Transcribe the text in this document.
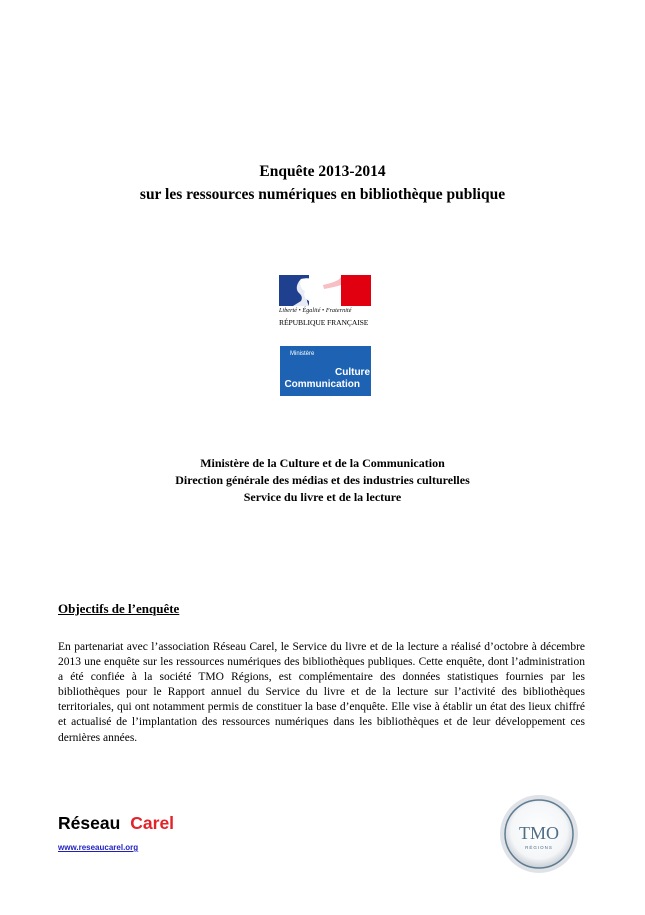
Enquête 2013-2014
sur les ressources numériques en bibliothèque publique
Liberté • Égalité • Fraternité
RÉPUBLIQUE FRANÇAISE
Ministère
Culture
Communication
Ministère de la Culture et de la Communication
Direction générale des médias et des industries culturelles
Service du livre et de la lecture
Objectifs de l’enquête
En partenariat avec l’association Réseau Carel, le Service du livre et de la lecture a réalisé d’octobre à décembre 2013 une enquête sur les ressources numériques des bibliothèques publiques. Cette enquête, dont l’administration a été confiée à la société TMO Régions, est complémentaire des données statistiques fournies par les bibliothèques pour le Rapport annuel du Service du livre et de la lecture sur l’activité des bibliothèques territoriales, qui ont notamment permis de constituer la base d’enquête. Elle vise à établir un état des lieux chiffré et actualisé de l’implantation des ressources numériques dans les bibliothèques et de leur développement ces dernières années.
Réseau Carel
www.reseaucarel.org
TMO
RÉGIONS
